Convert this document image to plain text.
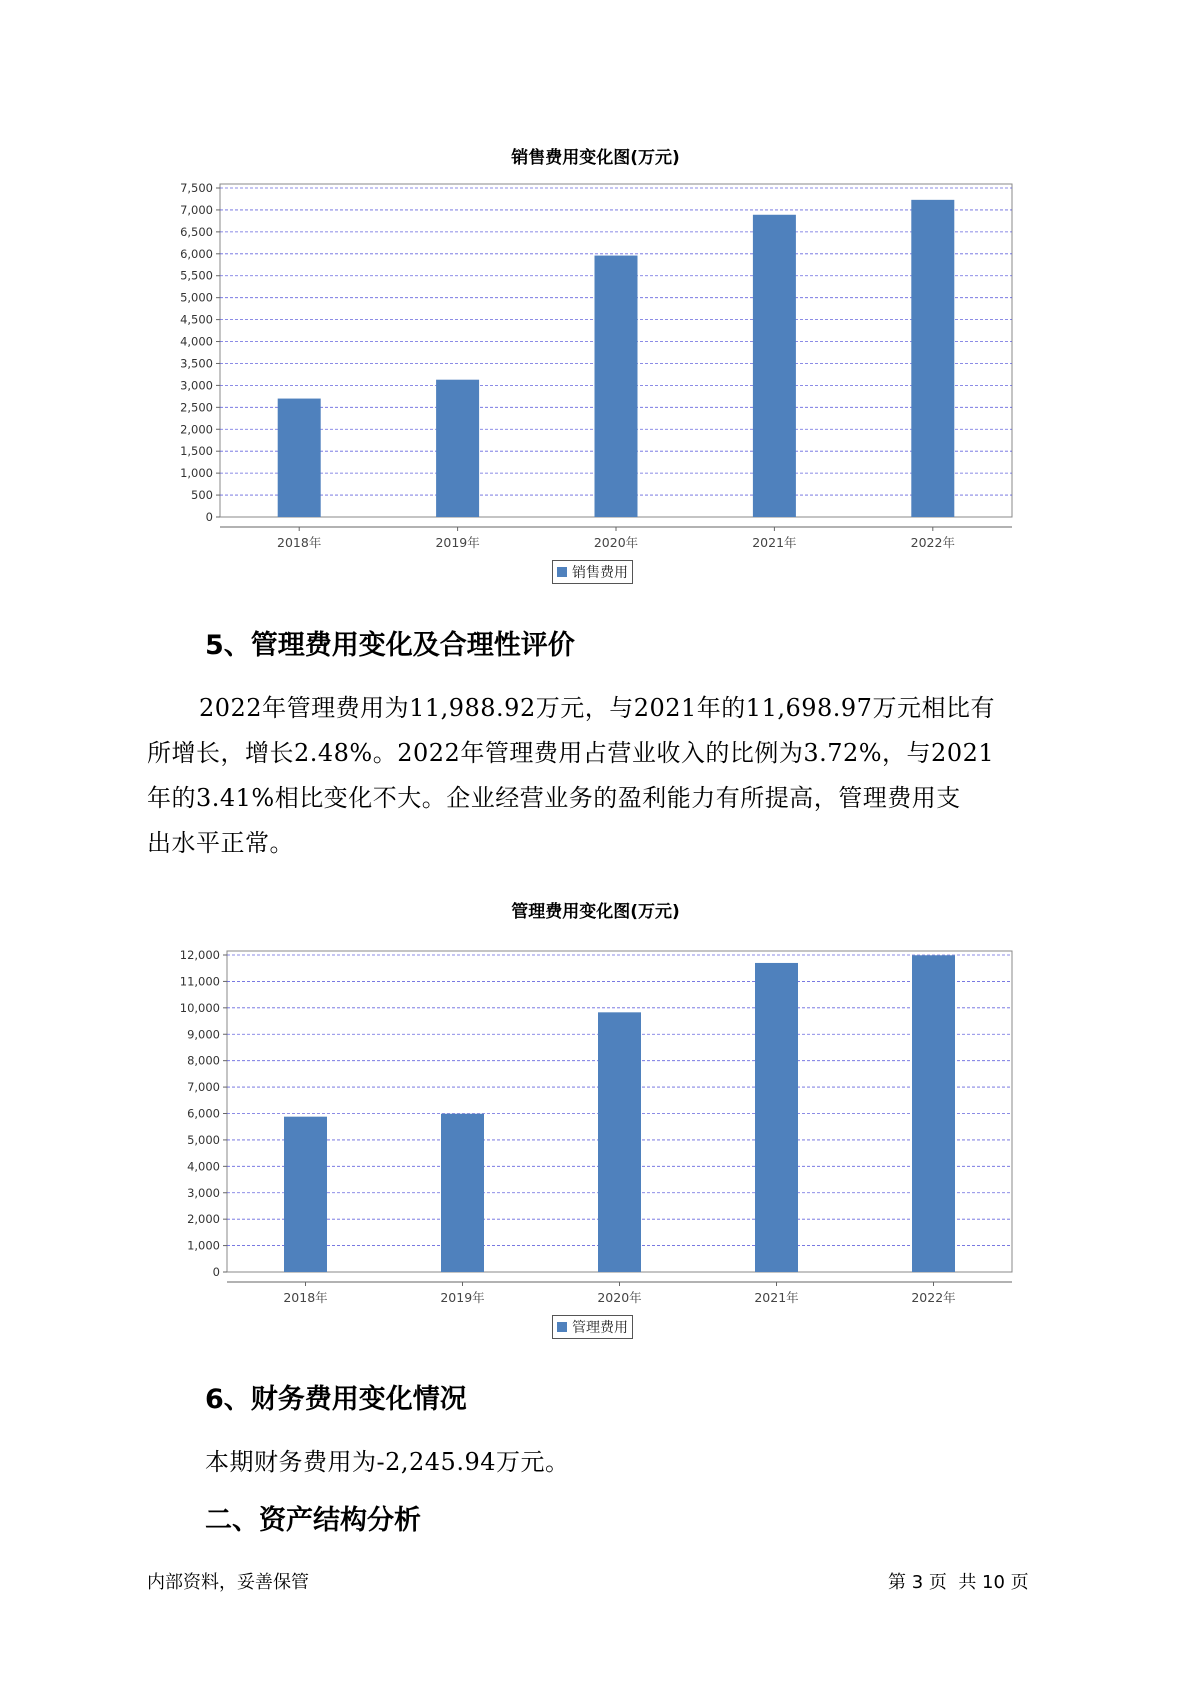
销售费用变化图(万元)
0
500
1,000
1,500
2,000
2,500
3,000
3,500
4,000
4,500
5,000
5,500
6,000
6,500
7,000
7,500
2018年	2019年	2020年	2021年	2022年
销售费用
5、管理费用变化及合理性评价
2022年管理费用为11,988.92万元，与2021年的11,698.97万元相比有
所增长，增长2.48%。2022年管理费用占营业收入的比例为3.72%，与2021
年的3.41%相比变化不大。企业经营业务的盈利能力有所提高，管理费用支
出水平正常。
管理费用变化图(万元)
0
1,000
2,000
3,000
4,000
5,000
6,000
7,000
8,000
9,000
10,000
11,000
12,000
2018年	2019年	2020年	2021年	2022年
管理费用
6、财务费用变化情况
本期财务费用为-2,245.94万元。
二、资产结构分析
内部资料，妥善保管	第 3 页  共 10 页
